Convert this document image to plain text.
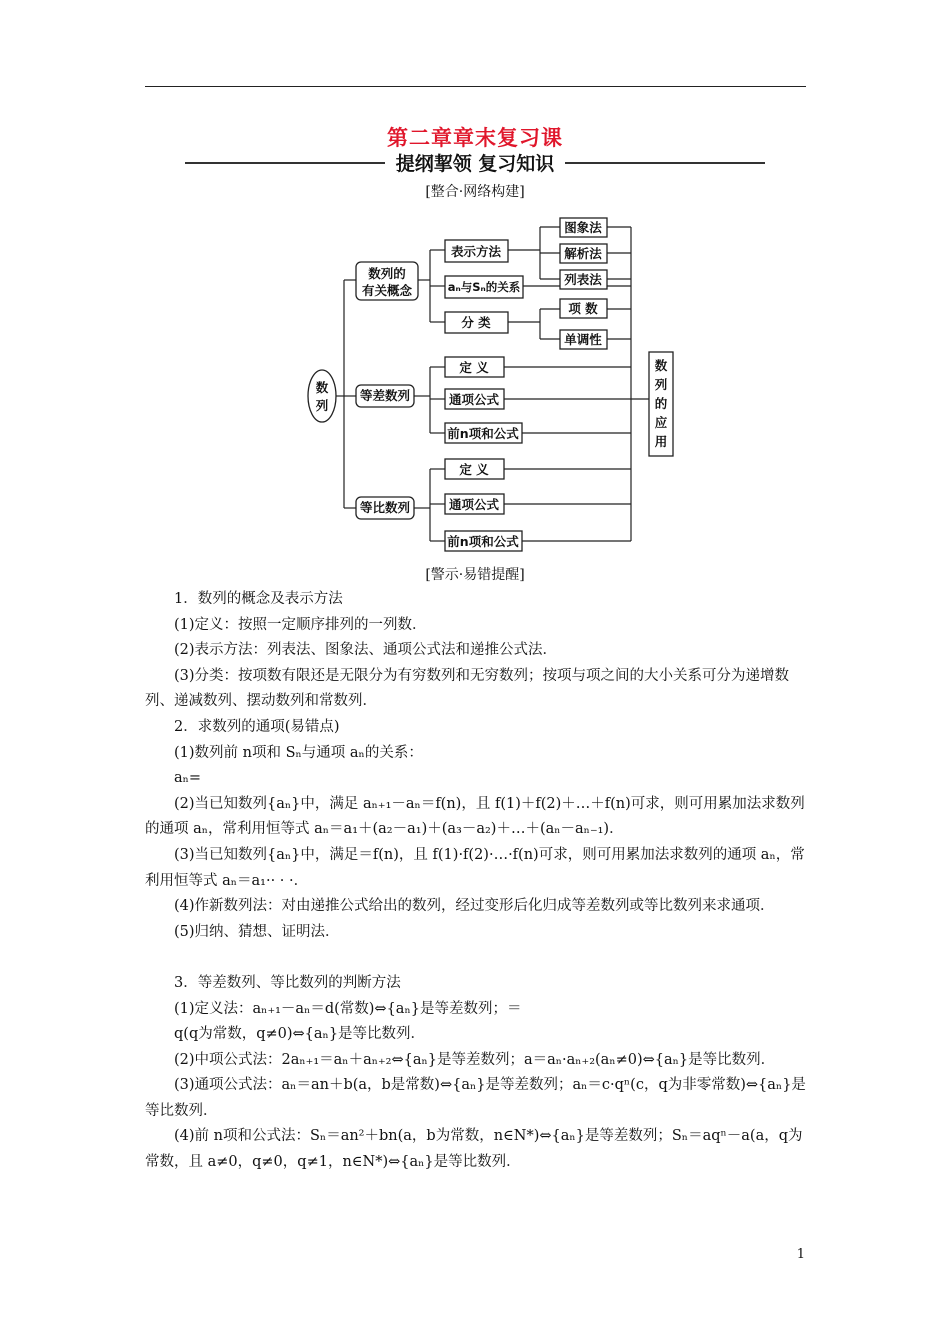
第二章章末复习课
提纲挈领 复习知识
[整合·网络构建]
数
列
数列的
有关概念
表示方法
图象法
解析法
列表法
aₙ与Sₙ的关系
分 类
项 数
单调性
等差数列
定 义
通项公式
前n项和公式
等比数列
定 义
通项公式
前n项和公式
数列的应用
[警示·易错提醒]

1．数列的概念及表示方法

(1)定义：按照一定顺序排列的一列数．

(2)表示方法：列表法、图象法、通项公式法和递推公式法．

(3)分类：按项数有限还是无限分为有穷数列和无穷数列；按项与项之间的大小关系可分为递增数列、递减数列、摆动数列和常数列．

2．求数列的通项(易错点)

(1)数列前 n项和 Sₙ与通项 aₙ的关系：

aₙ=

(2)当已知数列{aₙ}中，满足 aₙ₊₁－aₙ＝f(n)，且 f(1)＋f(2)＋…＋f(n)可求，则可用累加法求数列的通项 aₙ，常利用恒等式 aₙ＝a₁＋(a₂－a₁)＋(a₃－a₂)＋…＋(aₙ－aₙ₋₁)．

(3)当已知数列{aₙ}中，满足＝f(n)，且 f(1)·f(2)·…·f(n)可求，则可用累加法求数列的通项 aₙ，常利用恒等式 aₙ＝a₁·· · ·．

(4)作新数列法：对由递推公式给出的数列，经过变形后化归成等差数列或等比数列来求通项．

(5)归纳、猜想、证明法．

3．等差数列、等比数列的判断方法

(1)定义法：aₙ₊₁－aₙ＝d(常数)⇔{aₙ}是等差数列；＝

q(q为常数，q≠0)⇔{aₙ}是等比数列．

(2)中项公式法：2aₙ₊₁＝aₙ＋aₙ₊₂⇔{aₙ}是等差数列；a＝aₙ·aₙ₊₂(aₙ≠0)⇔{aₙ}是等比数列．

(3)通项公式法：aₙ＝an＋b(a，b是常数)⇔{aₙ}是等差数列；aₙ＝c·qⁿ(c，q为非零常数)⇔{aₙ}是等比数列．

(4)前 n项和公式法：Sₙ＝an²＋bn(a，b为常数，n∈N*)⇔{aₙ}是等差数列；Sₙ＝aqⁿ－a(a，q为常数，且 a≠0，q≠0，q≠1，n∈N*)⇔{aₙ}是等比数列．

1
